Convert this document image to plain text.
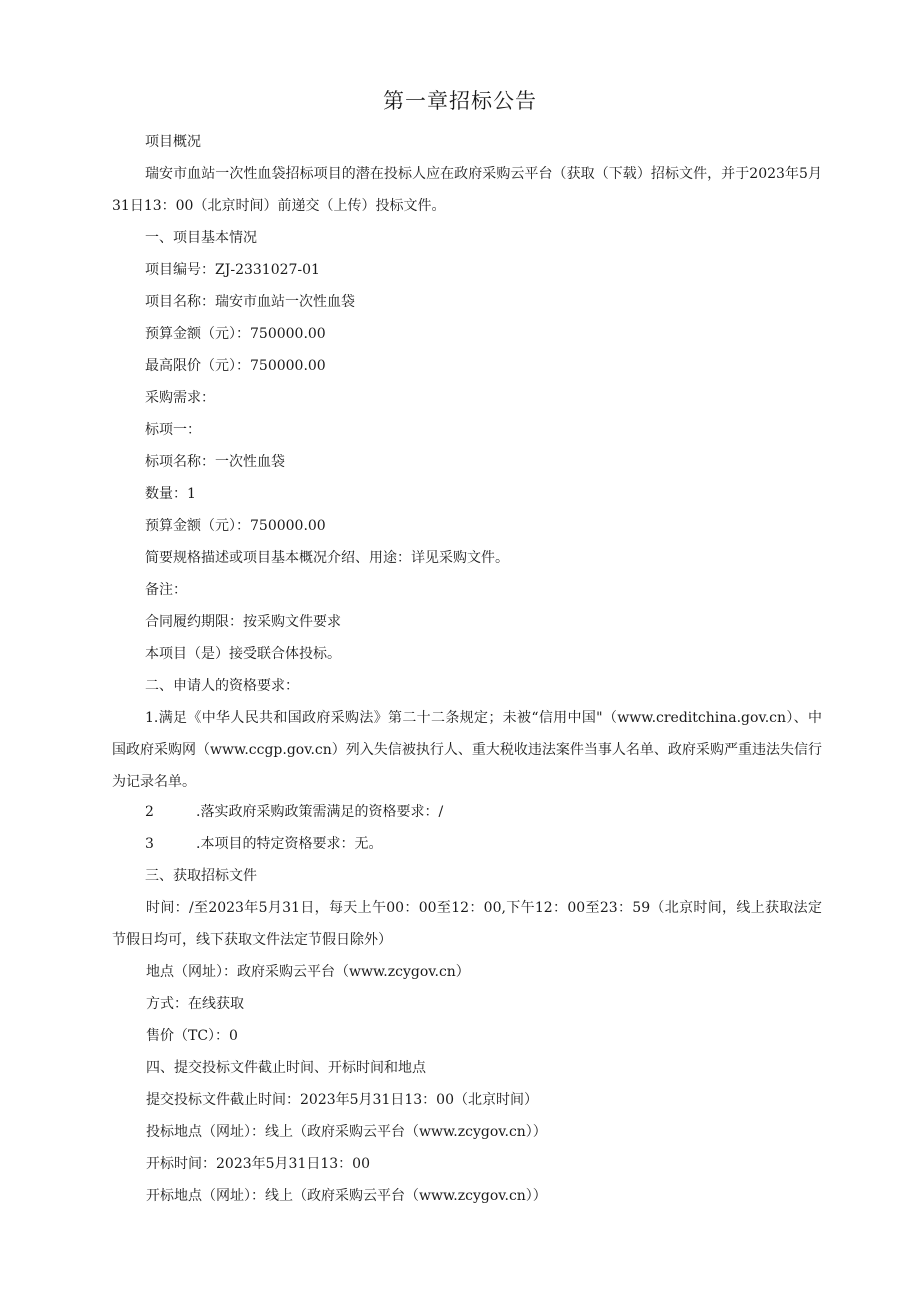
第一章招标公告
项目概况
瑞安市血站一次性血袋招标项目的潜在投标人应在政府采购云平台（获取（下载）招标文件，并于2023年5月31日13：00（北京时间）前递交（上传）投标文件。
一、项目基本情况
项目编号：ZJ-2331027-01
项目名称：瑞安市血站一次性血袋
预算金额（元）：750000.00
最高限价（元）：750000.00
采购需求：
标项一：
标项名称：一次性血袋
数量：1
预算金额（元）：750000.00
简要规格描述或项目基本概况介绍、用途：详见采购文件。
备注：
合同履约期限：按采购文件要求
本项目（是）接受联合体投标。
二、申请人的资格要求：
1.满足《中华人民共和国政府采购法》第二十二条规定；未被“信用中国"（www.creditchina.gov.cn）、中国政府采购网（www.ccgp.gov.cn）列入失信被执行人、重大税收违法案件当事人名单、政府采购严重违法失信行为记录名单。
2	.落实政府采购政策需满足的资格要求：/
3	.本项目的特定资格要求：无。
三、获取招标文件
时间：/至2023年5月31日，每天上午00：00至12：00,下午12：00至23：59（北京时间，线上获取法定节假日均可，线下获取文件法定节假日除外）
地点（网址）：政府采购云平台（www.zcygov.cn）
方式：在线获取
售价（TC）：0
四、提交投标文件截止时间、开标时间和地点
提交投标文件截止时间：2023年5月31日13：00（北京时间）
投标地点（网址）：线上（政府采购云平台（www.zcygov.cn））
开标时间：2023年5月31日13：00
开标地点（网址）：线上（政府采购云平台（www.zcygov.cn））
